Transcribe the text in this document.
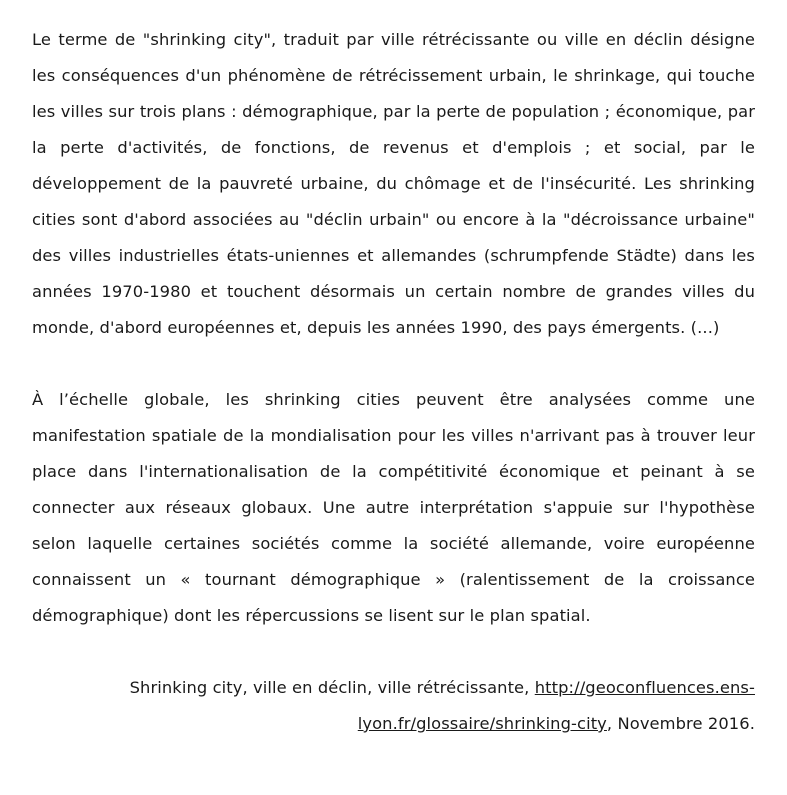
Le terme de "shrinking city", traduit par ville rétrécissante ou ville en déclin désigne les conséquences d'un phénomène de rétrécissement urbain, le shrinkage, qui touche les villes sur trois plans : démographique, par la perte de population ; économique, par la perte d'activités, de fonctions, de revenus et d'emplois ; et social, par le développement de la pauvreté urbaine, du chômage et de l'insécurité. Les shrinking cities sont d'abord associées au "déclin urbain" ou encore à la "décroissance urbaine" des villes industrielles états-uniennes et allemandes (schrumpfende Städte) dans les années 1970-1980 et touchent désormais un certain nombre de grandes villes du monde, d'abord européennes et, depuis les années 1990, des pays émergents. (...)

À l’échelle globale, les shrinking cities peuvent être analysées comme une manifestation spatiale de la mondialisation pour les villes n'arrivant pas à trouver leur place dans l'internationalisation de la compétitivité économique et peinant à se connecter aux réseaux globaux. Une autre interprétation s'appuie sur l'hypothèse selon laquelle certaines sociétés comme la société allemande, voire européenne connaissent un « tournant démographique » (ralentissement de la croissance démographique) dont les répercussions se lisent sur le plan spatial.

Shrinking city, ville en déclin, ville rétrécissante, http://geoconfluences.ens-lyon.fr/glossaire/shrinking-city, Novembre 2016.
